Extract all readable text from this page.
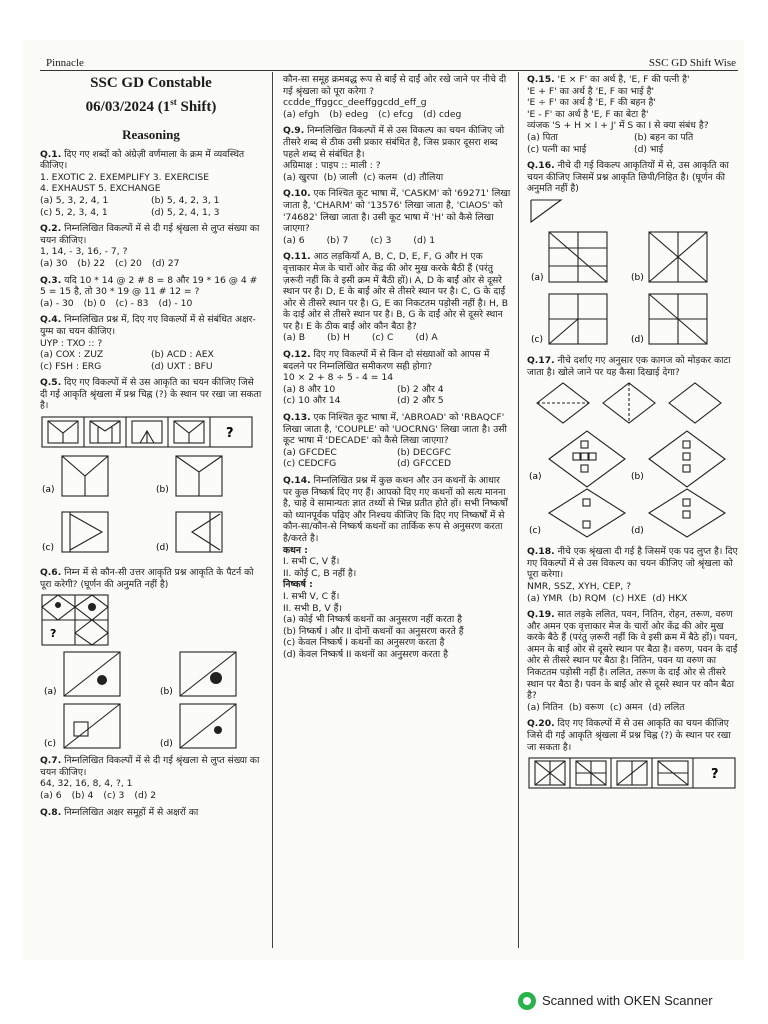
Pinnacle	SSC GD Shift Wise
SSC GD Constable
06/03/2024 (1st Shift)
Reasoning
Q.1. दिए गए शब्दों को अंग्रेज़ी वर्णमाला के क्रम में व्यवस्थित कीजिए।
1. EXOTIC 2. EXEMPLIFY 3. EXERCISE
4. EXHAUST 5. EXCHANGE
(a) 5, 3, 2, 4, 1	(b) 5, 4, 2, 3, 1
(c) 5, 2, 3, 4, 1	(d) 5, 2, 4, 1, 3
Q.2. निम्नलिखित विकल्पों में से दी गई श्रृंखला से लुप्त संख्या का चयन कीजिए।
1, 14, - 3, 16, - 7, ?
(a) 30 (b) 22 (c) 20 (d) 27
Q.3. यदि 10 * 14 @ 2 # 8 = 8 और 19 * 16 @ 4 # 5 = 15 है, तो 30 * 19 @ 11 # 12 = ?
(a) - 30 (b) 0 (c) - 83 (d) - 10
Q.4. निम्नलिखित प्रश्न में, दिए गए विकल्पों में से संबंधित अक्षर-युग्म का चयन कीजिए।
UYP : TXO :: ?
(a) COX : ZUZ	(b) ACD : AEX
(c) FSH : ERG	(d) UXT : BFU
Q.5. दिए गए विकल्पों में से उस आकृति का चयन कीजिए जिसे दी गई आकृति श्रृंखला में प्रश्न चिह्न (?) के स्थान पर रखा जा सकता है।
?
(a)	(b)
(c)	(d)
Q.6. निम्न में से कौन-सी उत्तर आकृति प्रश्न आकृति के पैटर्न को पूरा करेगी? (घूर्णन की अनुमति नहीं है)
?
(a)	(b)
(c)	(d)
Q.7. निम्नलिखित विकल्पों में से दी गई श्रृंखला से लुप्त संख्या का चयन कीजिए।
64, 32, 16, 8, 4, ?, 1
(a) 6 (b) 4 (c) 3 (d) 2
Q.8. निम्नलिखित अक्षर समूहों में से अक्षरों का
कौन-सा समूह क्रमबद्ध रूप से बाईं से दाईं ओर रखे जाने पर नीचे दी गई श्रृंखला को पूरा करेगा ?
ccdde_ffggcc_deeffggcdd_eff_g
(a) efgh (b) edeg (c) efcg (d) cdeg
Q.9. निम्नलिखित विकल्पों में से उस विकल्प का चयन कीजिए जो तीसरे शब्द से ठीक उसी प्रकार संबंधित है, जिस प्रकार दूसरा शब्द पहले शब्द से संबंधित है।
अग्रिमाक्ष : पाइप :: माली : ?
(a) खुरपा (b) जाली (c) कलम (d) तौलिया
Q.10. एक निश्चित कूट भाषा में, 'CASKM' को '69271' लिखा जाता है, 'CHARM' को '13576' लिखा जाता है, 'CIAOS' को '74682' लिखा जाता है। उसी कूट भाषा में 'H' को कैसे लिखा जाएगा?
(a) 6 (b) 7 (c) 3 (d) 1
Q.11. आठ लड़कियाँ A, B, C, D, E, F, G और H एक वृत्ताकार मेज के चारों ओर केंद्र की ओर मुख करके बैठी हैं (परंतु ज़रूरी नहीं कि वे इसी क्रम में बैठी हों)। A, D के बाईं ओर से दूसरे स्थान पर है। D, E के बाईं ओर से तीसरे स्थान पर है। C, G के दाईं ओर से तीसरे स्थान पर है। G, E का निकटतम पड़ोसी नहीं है। H, B के दाईं ओर से तीसरे स्थान पर है। B, G के दाईं ओर से दूसरे स्थान पर है। E के ठीक बाईं ओर कौन बैठा है?
(a) B (b) H (c) C (d) A
Q.12. दिए गए विकल्पों में से किन दो संख्याओं को आपस में बदलने पर निम्नलिखित समीकरण सही होगा?
10 × 2 + 8 ÷ 5 - 4 = 14
(a) 8 और 10	(b) 2 और 4
(c) 10 और 14	(d) 2 और 5
Q.13. एक निश्चित कूट भाषा में, 'ABROAD' को 'RBAQCF' लिखा जाता है, 'COUPLE' को 'UOCRNG' लिखा जाता है। उसी कूट भाषा में 'DECADE' को कैसे लिखा जाएगा?
(a) GFCDEC	(b) DECGFC
(c) CEDCFG	(d) GFCCED
Q.14. निम्नलिखित प्रश्न में कुछ कथन और उन कथनों के आधार पर कुछ निष्कर्ष दिए गए हैं। आपको दिए गए कथनों को सत्य मानना है, चाहे वे सामान्यतः ज्ञात तथ्यों से भिन्न प्रतीत होते हों। सभी निष्कर्षों को ध्यानपूर्वक पढ़िए और निश्चय कीजिए कि दिए गए निष्कर्षों में से कौन-सा/कौन-से निष्कर्ष कथनों का तार्किक रूप से अनुसरण करता है/करते है।
कथन :
I. सभी C, V हैं।
II. कोई C, B नहीं है।
निष्कर्ष :
I. सभी V, C हैं।
II. सभी B, V हैं।
(a) कोई भी निष्कर्ष कथनों का अनुसरण नहीं करता है
(b) निष्कर्ष I और II दोनों कथनों का अनुसरण करते हैं
(c) केवल निष्कर्ष I कथनों का अनुसरण करता है
(d) केवल निष्कर्ष II कथनों का अनुसरण करता है
Q.15. 'E × F' का अर्थ है, 'E, F की पत्नी है'
'E + F' का अर्थ है 'E, F का भाई है'
'E ÷ F' का अर्थ है 'E, F की बहन है'
'E - F' का अर्थ है 'E, F का बेटा है'
व्यंजक 'S + H × I + J' में S का I से क्या संबंध है?
(a) पिता	(b) बहन का पति
(c) पत्नी का भाई	(d) भाई
Q.16. नीचे दी गई विकल्प आकृतियों में से, उस आकृति का चयन कीजिए जिसमें प्रश्न आकृति छिपी/निहित है। (घूर्णन की अनुमति नहीं है)
(a)	(b)
(c)	(d)
Q.17. नीचे दर्शाए गए अनुसार एक कागज को मोड़कर काटा जाता है। खोले जाने पर यह कैसा दिखाई देगा?
(a)	(b)
(c)	(d)
Q.18. नीचे एक श्रृंखला दी गई है जिसमें एक पद लुप्त है। दिए गए विकल्पों में से उस विकल्प का चयन कीजिए जो श्रृंखला को पूरा करेगा।
NMR, SSZ, XYH, CEP, ?
(a) YMR (b) RQM (c) HXE (d) HKX
Q.19. सात लड़के ललित, पवन, नितिन, रोहन, तरूण, वरुण और अमन एक वृत्ताकार मेज के चारों ओर केंद्र की ओर मुख करके बैठे हैं (परंतु ज़रूरी नहीं कि वे इसी क्रम में बैठे हों)। पवन, अमन के बाईं ओर से दूसरे स्थान पर बैठा है। वरुण, पवन के दाईं ओर से तीसरे स्थान पर बैठा है। नितिन, पवन या वरुण का निकटतम पड़ोसी नहीं है। ललित, तरूण के दाईं ओर से तीसरे स्थान पर बैठा है। पवन के बाईं ओर से दूसरे स्थान पर कौन बैठा है?
(a) नितिन (b) वरूण (c) अमन (d) ललित
Q.20. दिए गए विकल्पों में से उस आकृति का चयन कीजिए जिसे दी गई आकृति श्रृंखला में प्रश्न चिह्न (?) के स्थान पर रखा जा सकता है।
?
Scanned with OKEN Scanner
